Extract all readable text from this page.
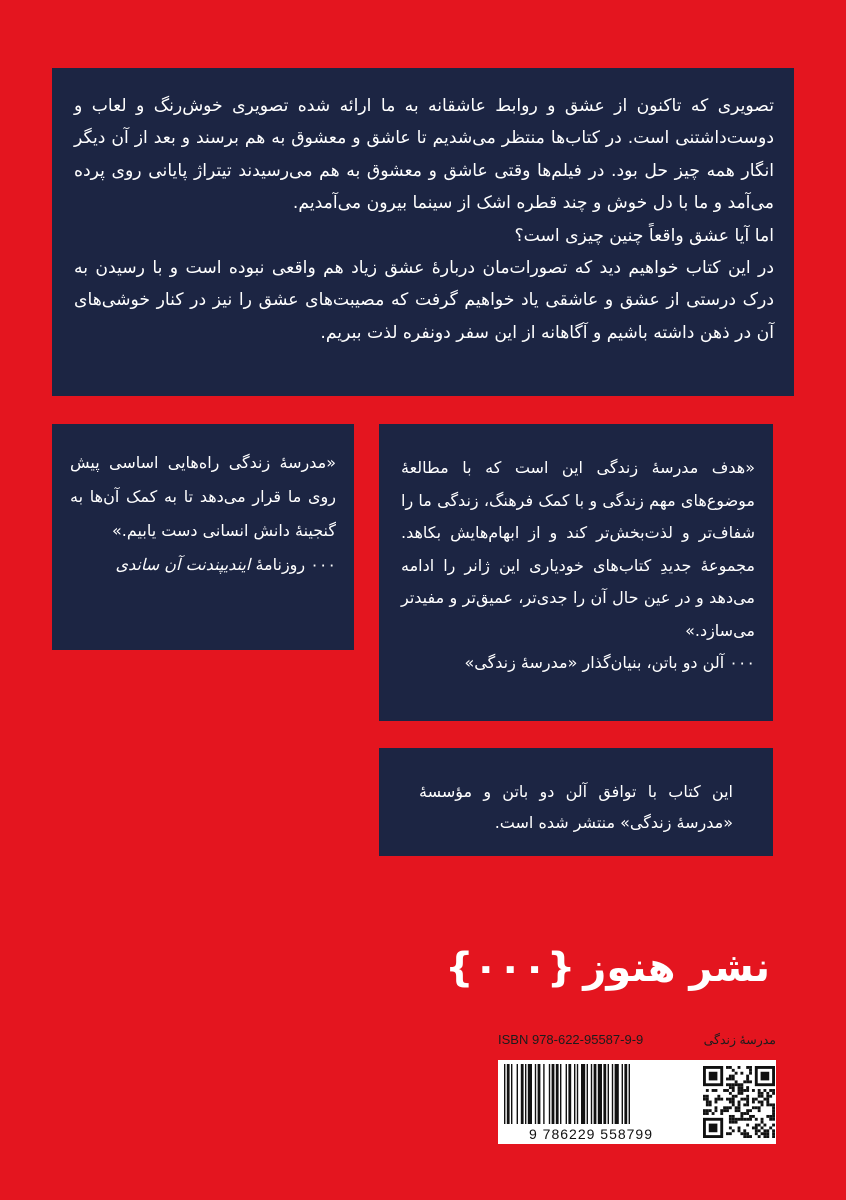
تصویری که تاکنون از عشق و روابط عاشقانه به ما ارائه شده تصویری خوش‌رنگ و لعاب و دوست‌داشتنی است. در کتاب‌ها منتظر می‌شدیم تا عاشق و معشوق به هم برسند و بعد از آن دیگر انگار همه چیز حل بود. در فیلم‌ها وقتی عاشق و معشوق به هم می‌رسیدند تیتراژ پایانی روی پرده می‌آمد و ما با دل خوش و چند قطره اشک از سینما بیرون می‌آمدیم.

اما آیا عشق واقعاً چنین چیزی است؟

در این کتاب خواهیم دید که تصورات‌مان دربارهٔ عشق زیاد هم واقعی نبوده است و با رسیدن به درک درستی از عشق و عاشقی یاد خواهیم گرفت که مصیبت‌های عشق را نیز در کنار خوشی‌های آن در ذهن داشته باشیم و آگاهانه از این سفر دونفره لذت ببریم.

«مدرسهٔ زندگی راه‌هایی اساسی پیش روی ما قرار می‌دهد تا به کمک آن‌ها به گنجینهٔ دانش انسانی دست یابیم.»

۰۰۰ روزنامهٔ ایندیپندنت آن ساندی

«هدف مدرسهٔ زندگی این است که با مطالعهٔ موضوع‌های مهم زندگی و با کمک فرهنگ، زندگی ما را شفاف‌تر و لذت‌بخش‌تر کند و از ابهام‌هایش بکاهد. مجموعهٔ جدیدِ کتاب‌های خودیاری این ژانر را ادامه می‌دهد و در عین حال آن را جدی‌تر، عمیق‌تر و مفیدتر می‌سازد.»

۰۰۰ آلن دو باتن، بنیان‌گذار «مدرسهٔ زندگی»

این کتاب با توافق آلن دو باتن و مؤسسهٔ «مدرسهٔ زندگی» منتشر شده است.

نشر هنوز
{۰۰۰}
ISBN 978-622-95587-9-9	مدرسهٔ زندگی
9 786229 558799
